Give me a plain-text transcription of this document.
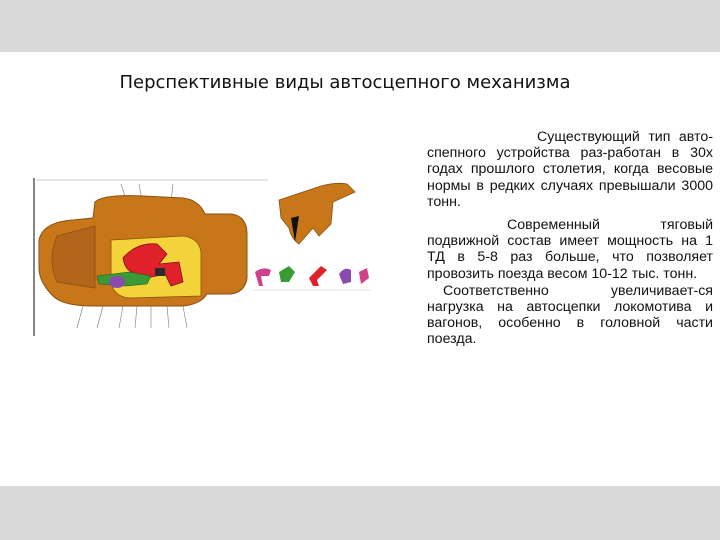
Перспективные виды автосцепного механизма

Существующий тип авто-спепного устройства раз-работан в 30х годах прошлого столетия, когда весовые нормы в редких случаях превышали 3000 тонн.

Современный тяговый подвижной состав имеет мощность на 1 ТД в 5-8 раз больше, что позволяет провозить поезда весом 10-12 тыс. тонн.

Соответственно увеличивает-ся нагрузка на автосцепки локомотива и вагонов, особенно в головной части поезда.
